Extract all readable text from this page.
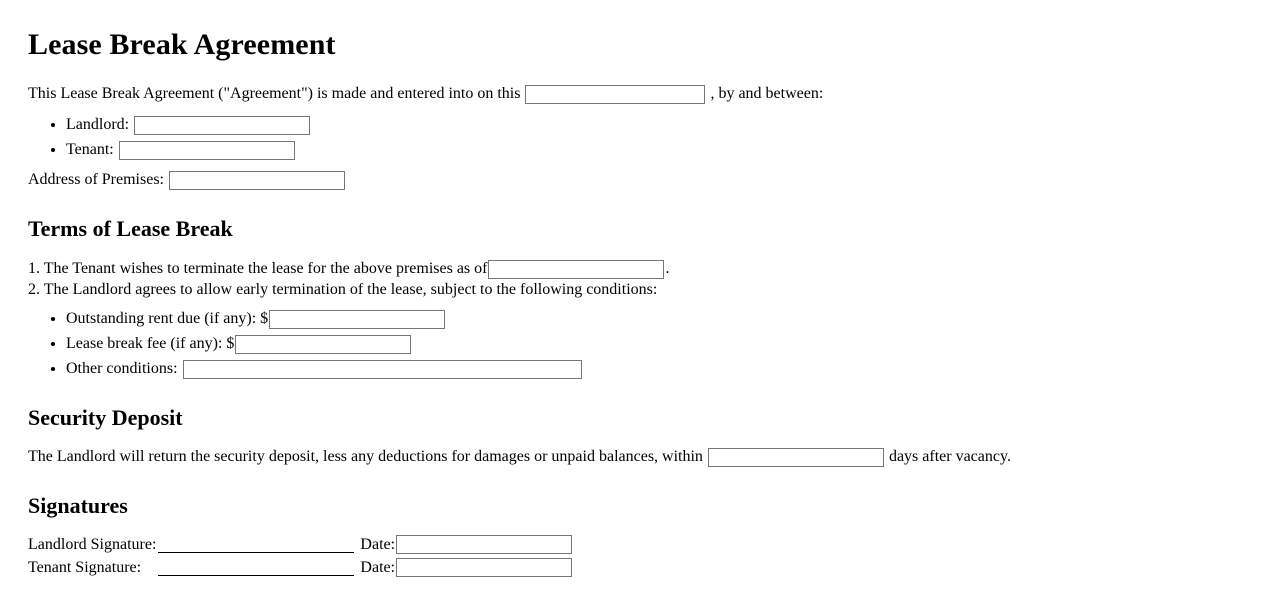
Lease Break Agreement

This Lease Break Agreement ("Agreement") is made and entered into on this	, by and between:

• Landlord:
• Tenant:

Address of Premises:

Terms of Lease Break

1. The Tenant wishes to terminate the lease for the above premises as of	.

2. The Landlord agrees to allow early termination of the lease, subject to the following conditions:

• Outstanding rent due (if any): $
• Lease break fee (if any): $
• Other conditions:
Security Deposit

The Landlord will return the security deposit, less any deductions for damages or unpaid balances, within	days after vacancy.

Signatures
Landlord Signature:		Date:	
Tenant Signature:		Date:	
